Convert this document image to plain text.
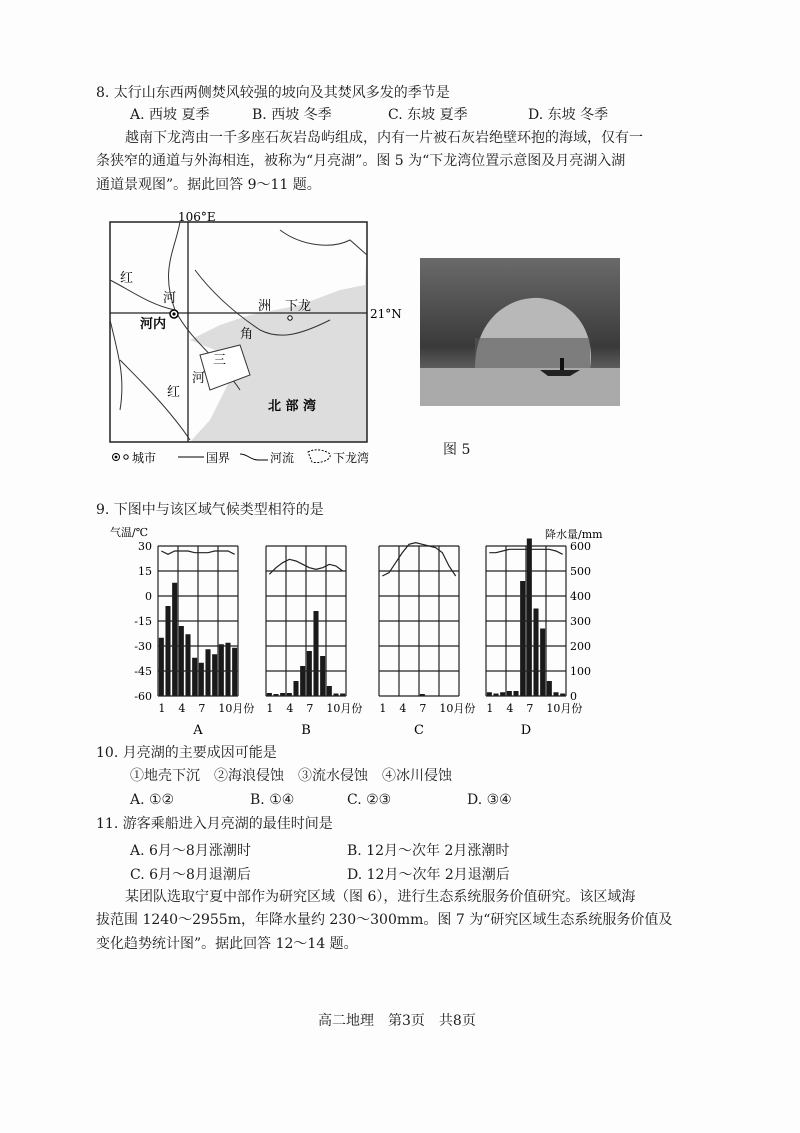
8. 太行山东西两侧焚风较强的坡向及其焚风多发的季节是
A. 西坡 夏季	B. 西坡 冬季	C. 东坡 夏季	D. 东坡 冬季
越南下龙湾由一千多座石灰岩岛屿组成，内有一片被石灰岩绝壁环抱的海域，仅有一
条狭窄的通道与外海相连，被称为“月亮湖”。图 5 为“下龙湾位置示意图及月亮湖入湖
通道景观图”。据此回答 9～11 题。
106°E
红
河
河内
洲 下龙
角
三
河
红
北 部 湾
21°N
城市	国界	河流	下龙湾	图 5
9. 下图中与该区域气候类型相符的是
气温/℃	降水量/mm
30
15
0
-15
-30
-45
-60
600
500
400
300
200
100
0
1 4 7 10月份
A
1 4 7 10月份
B
1 4 7 10月份
C
1 4 7 10月份
D
10. 月亮湖的主要成因可能是
①地壳下沉　②海浪侵蚀　③流水侵蚀　④冰川侵蚀
A. ①②	B. ①④	C. ②③	D. ③④
11. 游客乘船进入月亮湖的最佳时间是
A. 6月～8月涨潮时	B. 12月～次年 2月涨潮时
C. 6月～8月退潮后	D. 12月～次年 2月退潮后
某团队选取宁夏中部作为研究区域（图 6），进行生态系统服务价值研究。该区域海
拔范围 1240～2955m，年降水量约 230～300mm。图 7 为“研究区域生态系统服务价值及
变化趋势统计图”。据此回答 12～14 题。
高二地理　第3页　共8页
